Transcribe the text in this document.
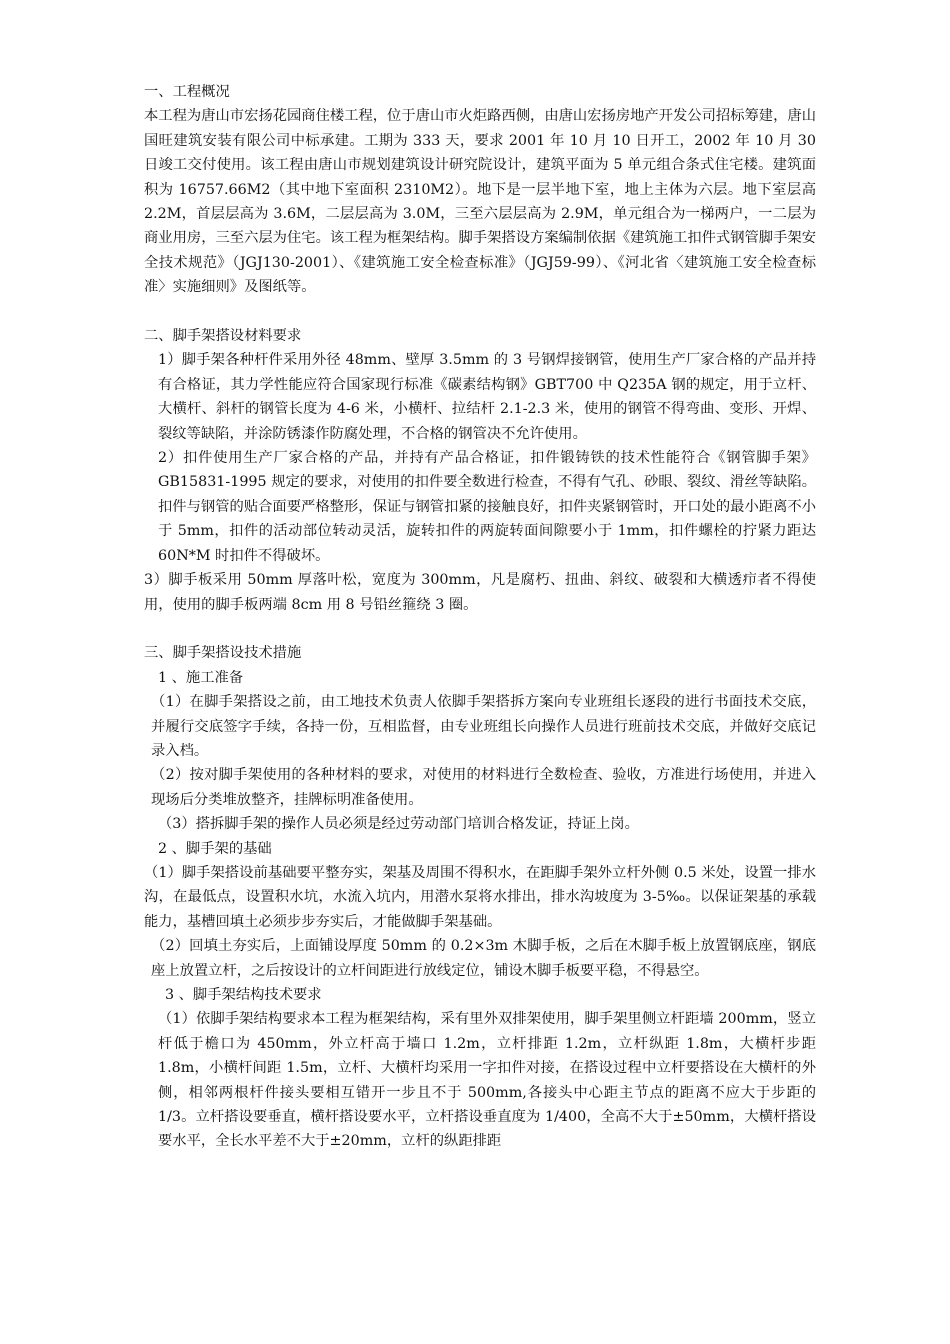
一、工程概况

本工程为唐山市宏扬花园商住楼工程，位于唐山市火炬路西侧，由唐山宏扬房地产开发公司招标筹建，唐山国旺建筑安装有限公司中标承建。工期为 333 天，要求 2001 年 10 月 10 日开工，2002 年 10 月 30 日竣工交付使用。该工程由唐山市规划建筑设计研究院设计，建筑平面为 5 单元组合条式住宅楼。建筑面积为 16757.66M2（其中地下室面积 2310M2）。地下是一层半地下室，地上主体为六层。地下室层高 2.2M，首层层高为 3.6M，二层层高为 3.0M，三至六层层高为 2.9M，单元组合为一梯两户，一二层为商业用房，三至六层为住宅。该工程为框架结构。脚手架搭设方案编制依据《建筑施工扣件式钢管脚手架安全技术规范》（JGJ130-2001）、《建筑施工安全检查标准》（JGJ59-99）、《河北省〈建筑施工安全检查标准〉实施细则》及图纸等。

二、脚手架搭设材料要求

1）脚手架各种杆件采用外径 48mm、壁厚 3.5mm 的 3 号钢焊接钢管，使用生产厂家合格的产品并持有合格证，其力学性能应符合国家现行标准《碳素结构钢》GBT700 中 Q235A 钢的规定，用于立杆、大横杆、斜杆的钢管长度为 4-6 米，小横杆、拉结杆 2.1-2.3 米，使用的钢管不得弯曲、变形、开焊、裂纹等缺陷，并涂防锈漆作防腐处理，不合格的钢管决不允许使用。

2）扣件使用生产厂家合格的产品，并持有产品合格证，扣件锻铸铁的技术性能符合《钢管脚手架》GB15831-1995 规定的要求，对使用的扣件要全数进行检查，不得有气孔、砂眼、裂纹、滑丝等缺陷。扣件与钢管的贴合面要严格整形，保证与钢管扣紧的接触良好，扣件夹紧钢管时，开口处的最小距离不小于 5mm，扣件的活动部位转动灵活，旋转扣件的两旋转面间隙要小于 1mm，扣件螺栓的拧紧力距达 60N*M 时扣件不得破坏。

3）脚手板采用 50mm 厚落叶松，宽度为 300mm，凡是腐朽、扭曲、斜纹、破裂和大横透疖者不得使用，使用的脚手板两端 8cm 用 8 号铅丝箍绕 3 圈。

三、脚手架搭设技术措施

1 、施工准备

（1）在脚手架搭设之前，由工地技术负责人依脚手架搭拆方案向专业班组长逐段的进行书面技术交底，并履行交底签字手续，各持一份，互相监督，由专业班组长向操作人员进行班前技术交底，并做好交底记录入档。

（2）按对脚手架使用的各种材料的要求，对使用的材料进行全数检查、验收，方准进行场使用，并进入现场后分类堆放整齐，挂牌标明准备使用。

（3）搭拆脚手架的操作人员必须是经过劳动部门培训合格发证，持证上岗。

2 、脚手架的基础

（1）脚手架搭设前基础要平整夯实，架基及周围不得积水，在距脚手架外立杆外侧 0.5 米处，设置一排水沟，在最低点，设置积水坑，水流入坑内，用潜水泵将水排出，排水沟坡度为 3-5‰。以保证架基的承载能力，基槽回填土必须步步夯实后，才能做脚手架基础。

（2）回填土夯实后，上面铺设厚度 50mm 的 0.2×3m 木脚手板，之后在木脚手板上放置钢底座，钢底座上放置立杆，之后按设计的立杆间距进行放线定位，铺设木脚手板要平稳，不得悬空。

3 、脚手架结构技术要求

（1）依脚手架结构要求本工程为框架结构，采有里外双排架使用，脚手架里侧立杆距墙 200mm，竖立杆低于檐口为 450mm，外立杆高于墙口 1.2m，立杆排距 1.2m，立杆纵距 1.8m，大横杆步距 1.8m，小横杆间距 1.5m，立杆、大横杆均采用一字扣件对接，在搭设过程中立杆要搭设在大横杆的外侧，相邻两根杆件接头要相互错开一步且不于 500mm,各接头中心距主节点的距离不应大于步距的 1/3。立杆搭设要垂直，横杆搭设要水平，立杆搭设垂直度为 1/400，全高不大于±50mm，大横杆搭设要水平，全长水平差不大于±20mm，立杆的纵距排距
